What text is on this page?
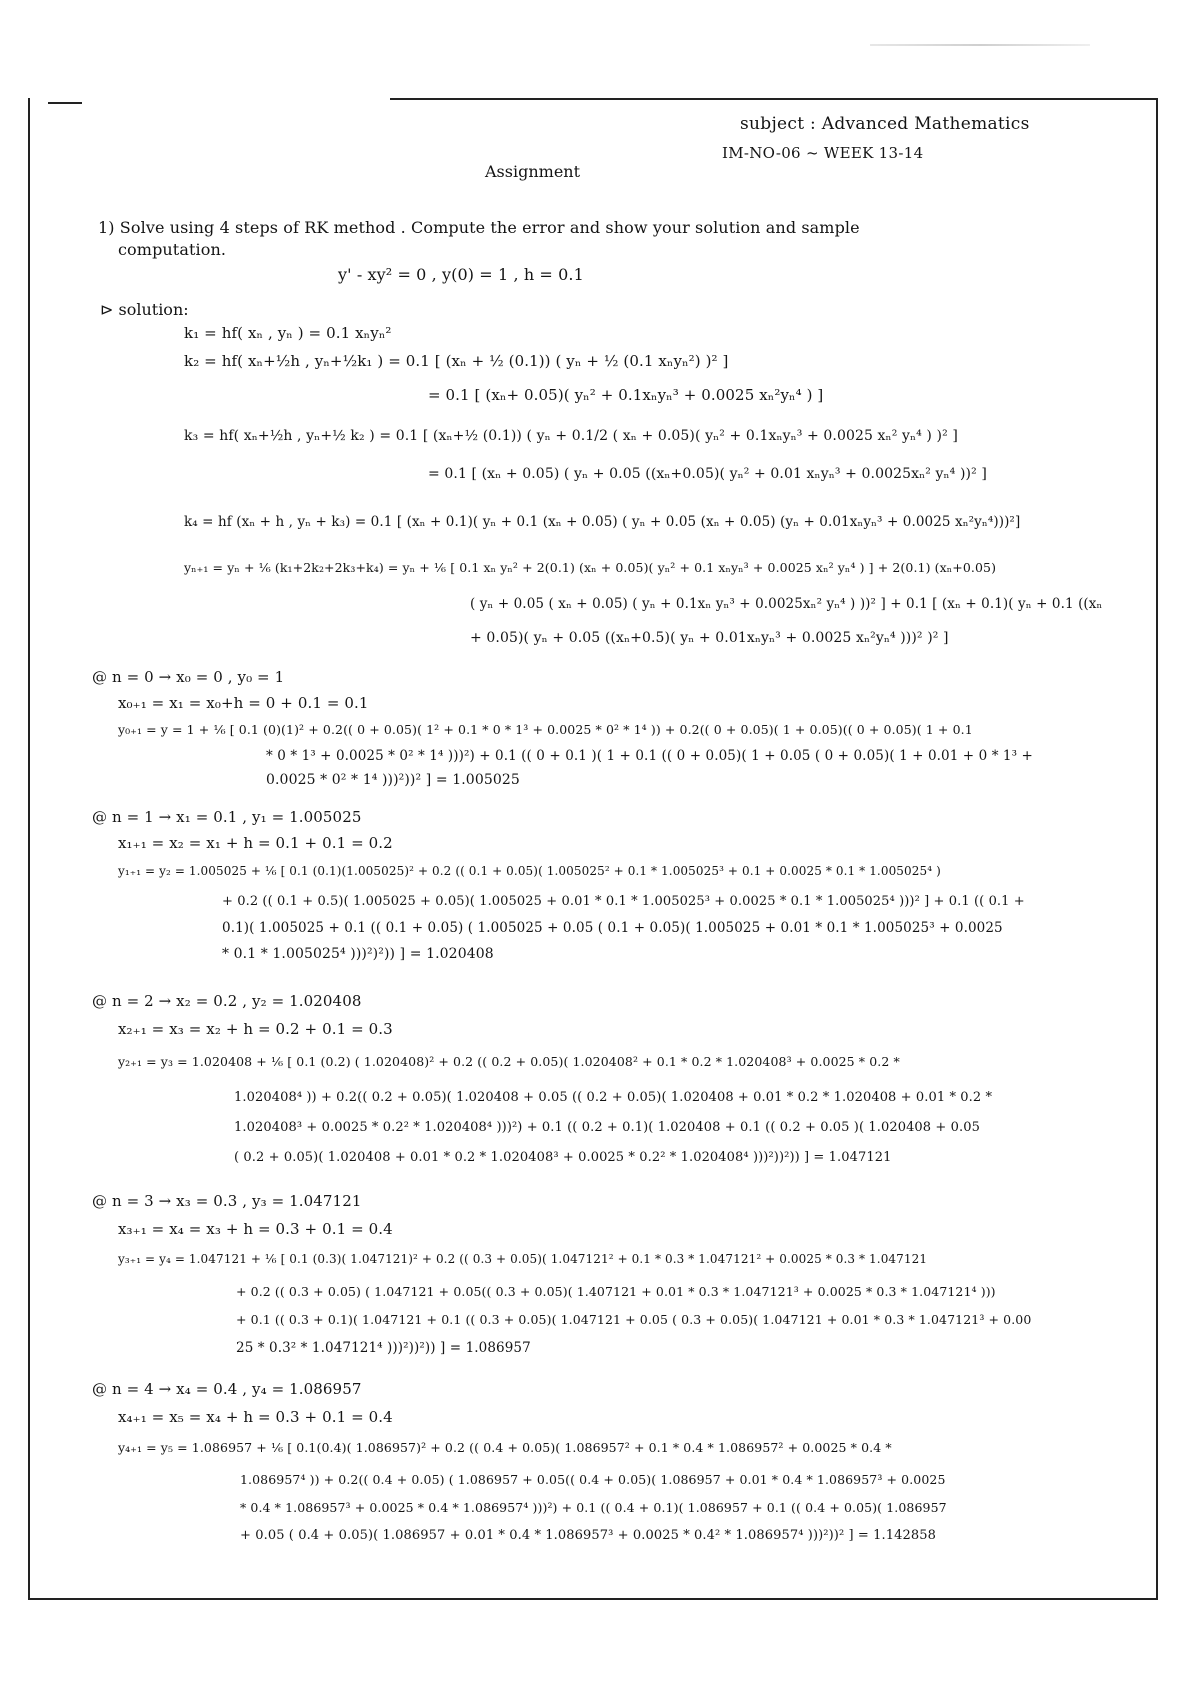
subject : Advanced Mathematics
IM-NO-06 ~ WEEK 13-14
Assignment
1) Solve using 4 steps of RK method . Compute the error and show your solution and sample
computation.
y' - xy² = 0 , y(0) = 1 , h = 0.1
⊳ solution:
k₁ = hf( xₙ , yₙ ) = 0.1 xₙyₙ²
k₂ = hf( xₙ+½h , yₙ+½k₁ ) = 0.1 [ (xₙ + ½ (0.1)) ( yₙ + ½ (0.1 xₙyₙ²) )² ]
= 0.1 [ (xₙ+ 0.05)( yₙ² + 0.1xₙyₙ³ + 0.0025 xₙ²yₙ⁴ ) ]
k₃ = hf( xₙ+½h , yₙ+½ k₂ ) = 0.1 [ (xₙ+½ (0.1)) ( yₙ + 0.1/2 ( xₙ + 0.05)( yₙ² + 0.1xₙyₙ³ + 0.0025 xₙ² yₙ⁴ ) )² ]
= 0.1 [ (xₙ + 0.05) ( yₙ + 0.05 ((xₙ+0.05)( yₙ² + 0.01 xₙyₙ³ + 0.0025xₙ² yₙ⁴ ))² ]
k₄ = hf (xₙ + h , yₙ + k₃) = 0.1 [ (xₙ + 0.1)( yₙ + 0.1 (xₙ + 0.05) ( yₙ + 0.05 (xₙ + 0.05) (yₙ + 0.01xₙyₙ³ + 0.0025 xₙ²yₙ⁴)))²]
yₙ₊₁ = yₙ + ⅙ (k₁+2k₂+2k₃+k₄) = yₙ + ⅙ [ 0.1 xₙ yₙ² + 2(0.1) (xₙ + 0.05)( yₙ² + 0.1 xₙyₙ³ + 0.0025 xₙ² yₙ⁴ ) ] + 2(0.1) (xₙ+0.05)
( yₙ + 0.05 ( xₙ + 0.05) ( yₙ + 0.1xₙ yₙ³ + 0.0025xₙ² yₙ⁴ ) ))² ] + 0.1 [ (xₙ + 0.1)( yₙ + 0.1 ((xₙ
+ 0.05)( yₙ + 0.05 ((xₙ+0.5)( yₙ + 0.01xₙyₙ³ + 0.0025 xₙ²yₙ⁴ )))² )² ]
@ n = 0 → x₀ = 0 , y₀ = 1
x₀₊₁ = x₁ = x₀+h = 0 + 0.1 = 0.1
y₀₊₁ = y = 1 + ⅙ [ 0.1 (0)(1)² + 0.2(( 0 + 0.05)( 1² + 0.1 * 0 * 1³ + 0.0025 * 0² * 1⁴ )) + 0.2(( 0 + 0.05)( 1 + 0.05)(( 0 + 0.05)( 1 + 0.1
* 0 * 1³ + 0.0025 * 0² * 1⁴ )))²) + 0.1 (( 0 + 0.1 )( 1 + 0.1 (( 0 + 0.05)( 1 + 0.05 ( 0 + 0.05)( 1 + 0.01 + 0 * 1³ +
0.0025 * 0² * 1⁴ )))²))² ] = 1.005025
@ n = 1 → x₁ = 0.1 , y₁ = 1.005025
x₁₊₁ = x₂ = x₁ + h = 0.1 + 0.1 = 0.2
y₁₊₁ = y₂ = 1.005025 + ⅙ [ 0.1 (0.1)(1.005025)² + 0.2 (( 0.1 + 0.05)( 1.005025² + 0.1 * 1.005025³ + 0.1 + 0.0025 * 0.1 * 1.005025⁴ )
+ 0.2 (( 0.1 + 0.5)( 1.005025 + 0.05)( 1.005025 + 0.01 * 0.1 * 1.005025³ + 0.0025 * 0.1 * 1.005025⁴ )))² ] + 0.1 (( 0.1 +
0.1)( 1.005025 + 0.1 (( 0.1 + 0.05) ( 1.005025 + 0.05 ( 0.1 + 0.05)( 1.005025 + 0.01 * 0.1 * 1.005025³ + 0.0025
* 0.1 * 1.005025⁴ )))²)²)) ] = 1.020408
@ n = 2 → x₂ = 0.2 , y₂ = 1.020408
x₂₊₁ = x₃ = x₂ + h = 0.2 + 0.1 = 0.3
y₂₊₁ = y₃ = 1.020408 + ⅙ [ 0.1 (0.2) ( 1.020408)² + 0.2 (( 0.2 + 0.05)( 1.020408² + 0.1 * 0.2 * 1.020408³ + 0.0025 * 0.2 *
1.020408⁴ )) + 0.2(( 0.2 + 0.05)( 1.020408 + 0.05 (( 0.2 + 0.05)( 1.020408 + 0.01 * 0.2 * 1.020408 + 0.01 * 0.2 *
1.020408³ + 0.0025 * 0.2² * 1.020408⁴ )))²) + 0.1 (( 0.2 + 0.1)( 1.020408 + 0.1 (( 0.2 + 0.05 )( 1.020408 + 0.05
( 0.2 + 0.05)( 1.020408 + 0.01 * 0.2 * 1.020408³ + 0.0025 * 0.2² * 1.020408⁴ )))²))²)) ] = 1.047121
@ n = 3 → x₃ = 0.3 , y₃ = 1.047121
x₃₊₁ = x₄ = x₃ + h = 0.3 + 0.1 = 0.4
y₃₊₁ = y₄ = 1.047121 + ⅙ [ 0.1 (0.3)( 1.047121)² + 0.2 (( 0.3 + 0.05)( 1.047121² + 0.1 * 0.3 * 1.047121² + 0.0025 * 0.3 * 1.047121
+ 0.2 (( 0.3 + 0.05) ( 1.047121 + 0.05(( 0.3 + 0.05)( 1.407121 + 0.01 * 0.3 * 1.047121³ + 0.0025 * 0.3 * 1.047121⁴ )))
+ 0.1 (( 0.3 + 0.1)( 1.047121 + 0.1 (( 0.3 + 0.05)( 1.047121 + 0.05 ( 0.3 + 0.05)( 1.047121 + 0.01 * 0.3 * 1.047121³ + 0.00
25 * 0.3² * 1.047121⁴ )))²))²)) ] = 1.086957
@ n = 4 → x₄ = 0.4 , y₄ = 1.086957
x₄₊₁ = x₅ = x₄ + h = 0.3 + 0.1 = 0.4
y₄₊₁ = y₅ = 1.086957 + ⅙ [ 0.1(0.4)( 1.086957)² + 0.2 (( 0.4 + 0.05)( 1.086957² + 0.1 * 0.4 * 1.086957² + 0.0025 * 0.4 *
1.086957⁴ )) + 0.2(( 0.4 + 0.05) ( 1.086957 + 0.05(( 0.4 + 0.05)( 1.086957 + 0.01 * 0.4 * 1.086957³ + 0.0025
* 0.4 * 1.086957³ + 0.0025 * 0.4 * 1.086957⁴ )))²) + 0.1 (( 0.4 + 0.1)( 1.086957 + 0.1 (( 0.4 + 0.05)( 1.086957
+ 0.05 ( 0.4 + 0.05)( 1.086957 + 0.01 * 0.4 * 1.086957³ + 0.0025 * 0.4² * 1.086957⁴ )))²))² ] = 1.142858
